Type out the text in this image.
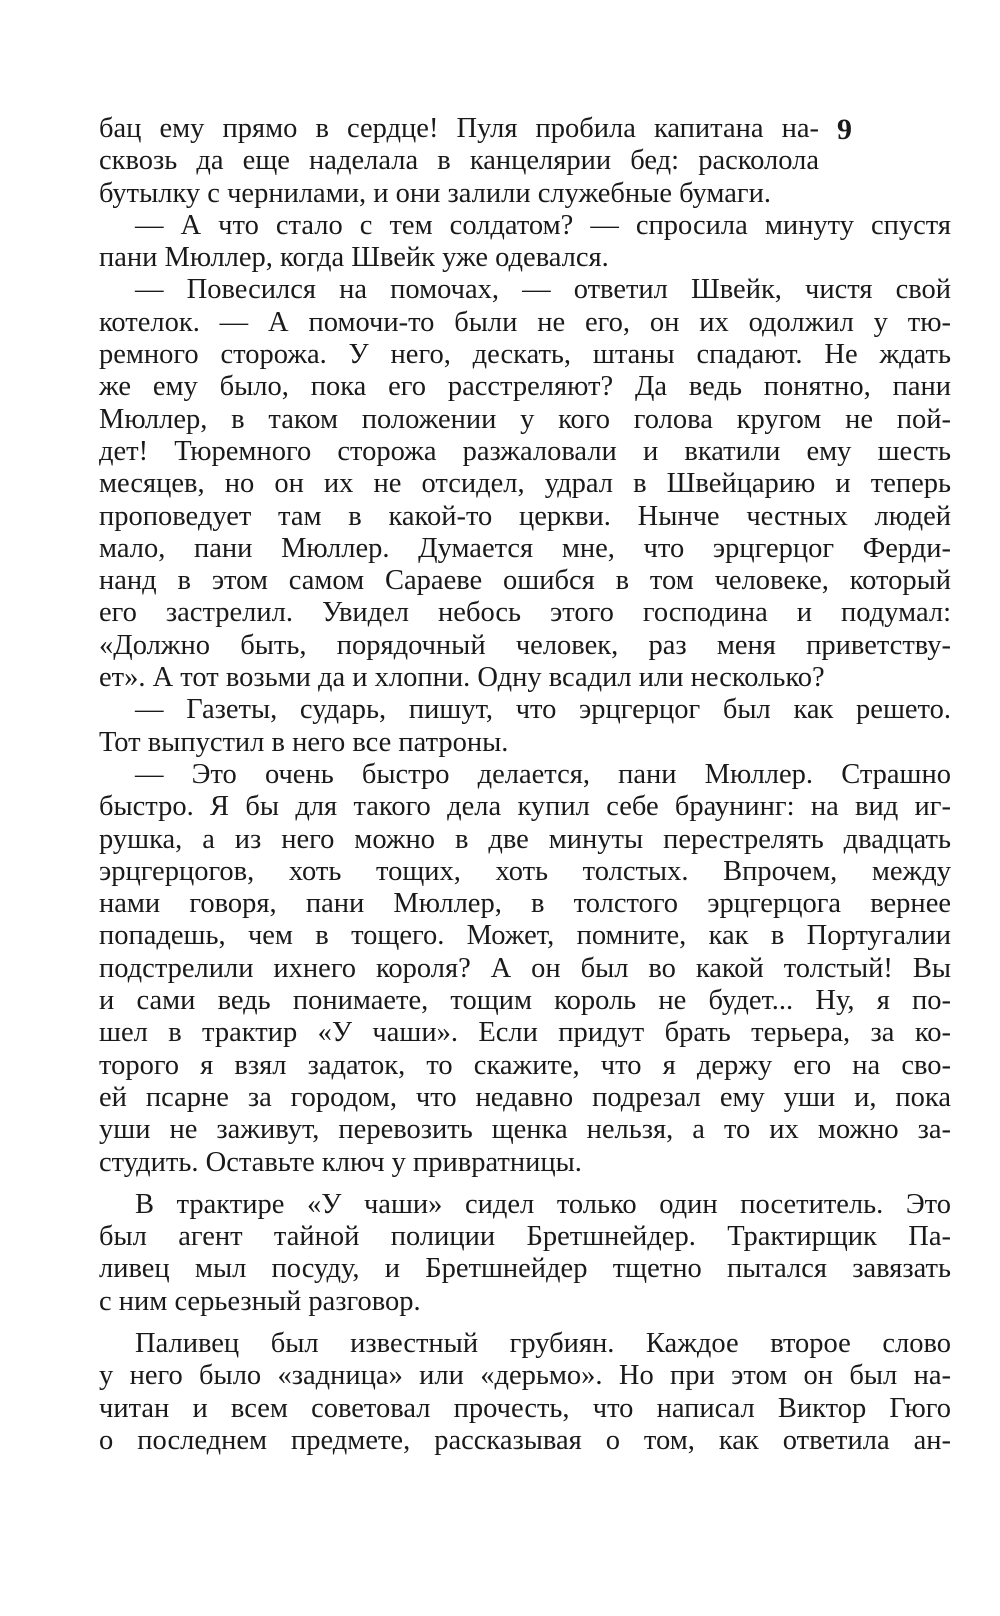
9
бац ему прямо в сердце! Пуля пробила капитана на-
сквозь да еще наделала в канцелярии бед: расколола
бутылку с чернилами, и они залили служебные бумаги.
— А что стало с тем солдатом? — спросила минуту спустя
пани Мюллер, когда Швейк уже одевался.
— Повесился на помочах, — ответил Швейк, чистя свой
котелок. — А помочи-то были не его, он их одолжил у тю-
ремного сторожа. У него, дескать, штаны спадают. Не ждать
же ему было, пока его расстреляют? Да ведь понятно, пани
Мюллер, в таком положении у кого голова кругом не пой-
дет! Тюремного сторожа разжаловали и вкатили ему шесть
месяцев, но он их не отсидел, удрал в Швейцарию и теперь
проповедует там в какой-то церкви. Нынче честных людей
мало, пани Мюллер. Думается мне, что эрцгерцог Ферди-
нанд в этом самом Сараеве ошибся в том человеке, который
его застрелил. Увидел небось этого господина и подумал:
«Должно быть, порядочный человек, раз меня приветству-
ет». А тот возьми да и хлопни. Одну всадил или несколько?
— Газеты, сударь, пишут, что эрцгерцог был как решето.
Тот выпустил в него все патроны.
— Это очень быстро делается, пани Мюллер. Страшно
быстро. Я бы для такого дела купил себе браунинг: на вид иг-
рушка, а из него можно в две минуты перестрелять двадцать
эрцгерцогов, хоть тощих, хоть толстых. Впрочем, между
нами говоря, пани Мюллер, в толстого эрцгерцога вернее
попадешь, чем в тощего. Может, помните, как в Португалии
подстрелили ихнего короля? А он был во какой толстый! Вы
и сами ведь понимаете, тощим король не будет... Ну, я по-
шел в трактир «У чаши». Если придут брать терьера, за ко-
торого я взял задаток, то скажите, что я держу его на сво-
ей псарне за городом, что недавно подрезал ему уши и, пока
уши не заживут, перевозить щенка нельзя, а то их можно за-
студить. Оставьте ключ у привратницы.
В трактире «У чаши» сидел только один посетитель. Это
был агент тайной полиции Бретшнейдер. Трактирщик Па-
ливец мыл посуду, и Бретшнейдер тщетно пытался завязать
с ним серьезный разговор.
Паливец был известный грубиян. Каждое второе слово
у него было «задница» или «дерьмо». Но при этом он был на-
читан и всем советовал прочесть, что написал Виктор Гюго
о последнем предмете, рассказывая о том, как ответила ан-
